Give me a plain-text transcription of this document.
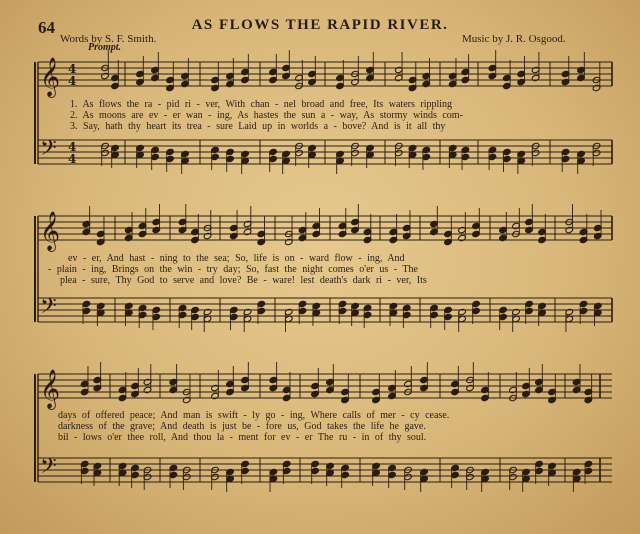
64	AS FLOWS THE RAPID RIVER.
Words by S. F. Smith.	Music by J. R. Osgood.
Prompt.
𝄞
𝄢
4
4
4
4
𝄞
𝄢
𝄞
𝄢
1. As flows the ra - pid ri - ver, With chan - nel broad and free, Its waters rippling
2. As moons are ev - er wan - ing, As hastes the sun a - way, As stormy winds com-
3. Say, hath thy heart its trea - sure Laid up in worlds a - bove? And is it all thy
ev - er, And hast - ning to the sea; So, life is on - ward flow - ing, And
- plain - ing, Brings on the win - try day; So, fast the night comes o'er us - The
plea - sure, Thy God to serve and love? Be - ware! lest death's dark ri - ver, Its
days of offered peace; And man is swift - ly go - ing, Where calls of mer - cy cease.
darkness of the grave; And death is just be - fore us, God takes the life he gave.
bil - lows o'er thee roll, And thou la - ment for ev - er The ru - in of thy soul.
